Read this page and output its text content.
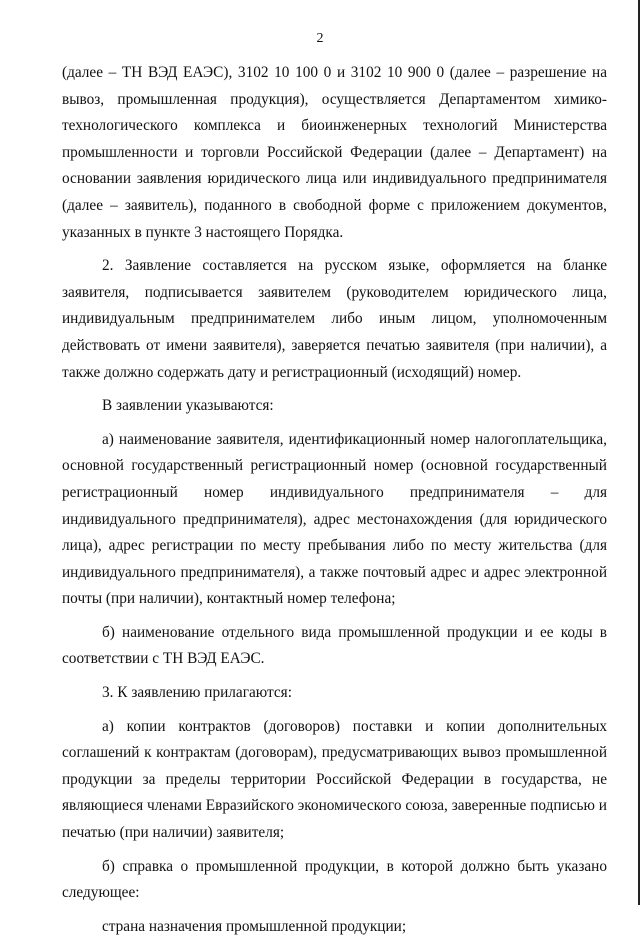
2

(далее – ТН ВЭД ЕАЭС), 3102 10 100 0 и 3102 10 900 0 (далее – разрешение на вывоз, промышленная продукция), осуществляется Департаментом химико-технологического комплекса и биоинженерных технологий Министерства промышленности и торговли Российской Федерации (далее – Департамент) на основании заявления юридического лица или индивидуального предпринимателя (далее – заявитель), поданного в свободной форме с приложением документов, указанных в пункте 3 настоящего Порядка.

2. Заявление составляется на русском языке, оформляется на бланке заявителя, подписывается заявителем (руководителем юридического лица, индивидуальным предпринимателем либо иным лицом, уполномоченным действовать от имени заявителя), заверяется печатью заявителя (при наличии), а также должно содержать дату и регистрационный (исходящий) номер.

В заявлении указываются:

а) наименование заявителя, идентификационный номер налогоплательщика, основной государственный регистрационный номер (основной государственный регистрационный номер индивидуального предпринимателя – для индивидуального предпринимателя), адрес местонахождения (для юридического лица), адрес регистрации по месту пребывания либо по месту жительства (для индивидуального предпринимателя), а также почтовый адрес и адрес электронной почты (при наличии), контактный номер телефона;

б) наименование отдельного вида промышленной продукции и ее коды в соответствии с ТН ВЭД ЕАЭС.

3. К заявлению прилагаются:

а) копии контрактов (договоров) поставки и копии дополнительных соглашений к контрактам (договорам), предусматривающих вывоз промышленной продукции за пределы территории Российской Федерации в государства, не являющиеся членами Евразийского экономического союза, заверенные подписью и печатью (при наличии) заявителя;

б) справка о промышленной продукции, в которой должно быть указано следующее:

страна назначения промышленной продукции;
